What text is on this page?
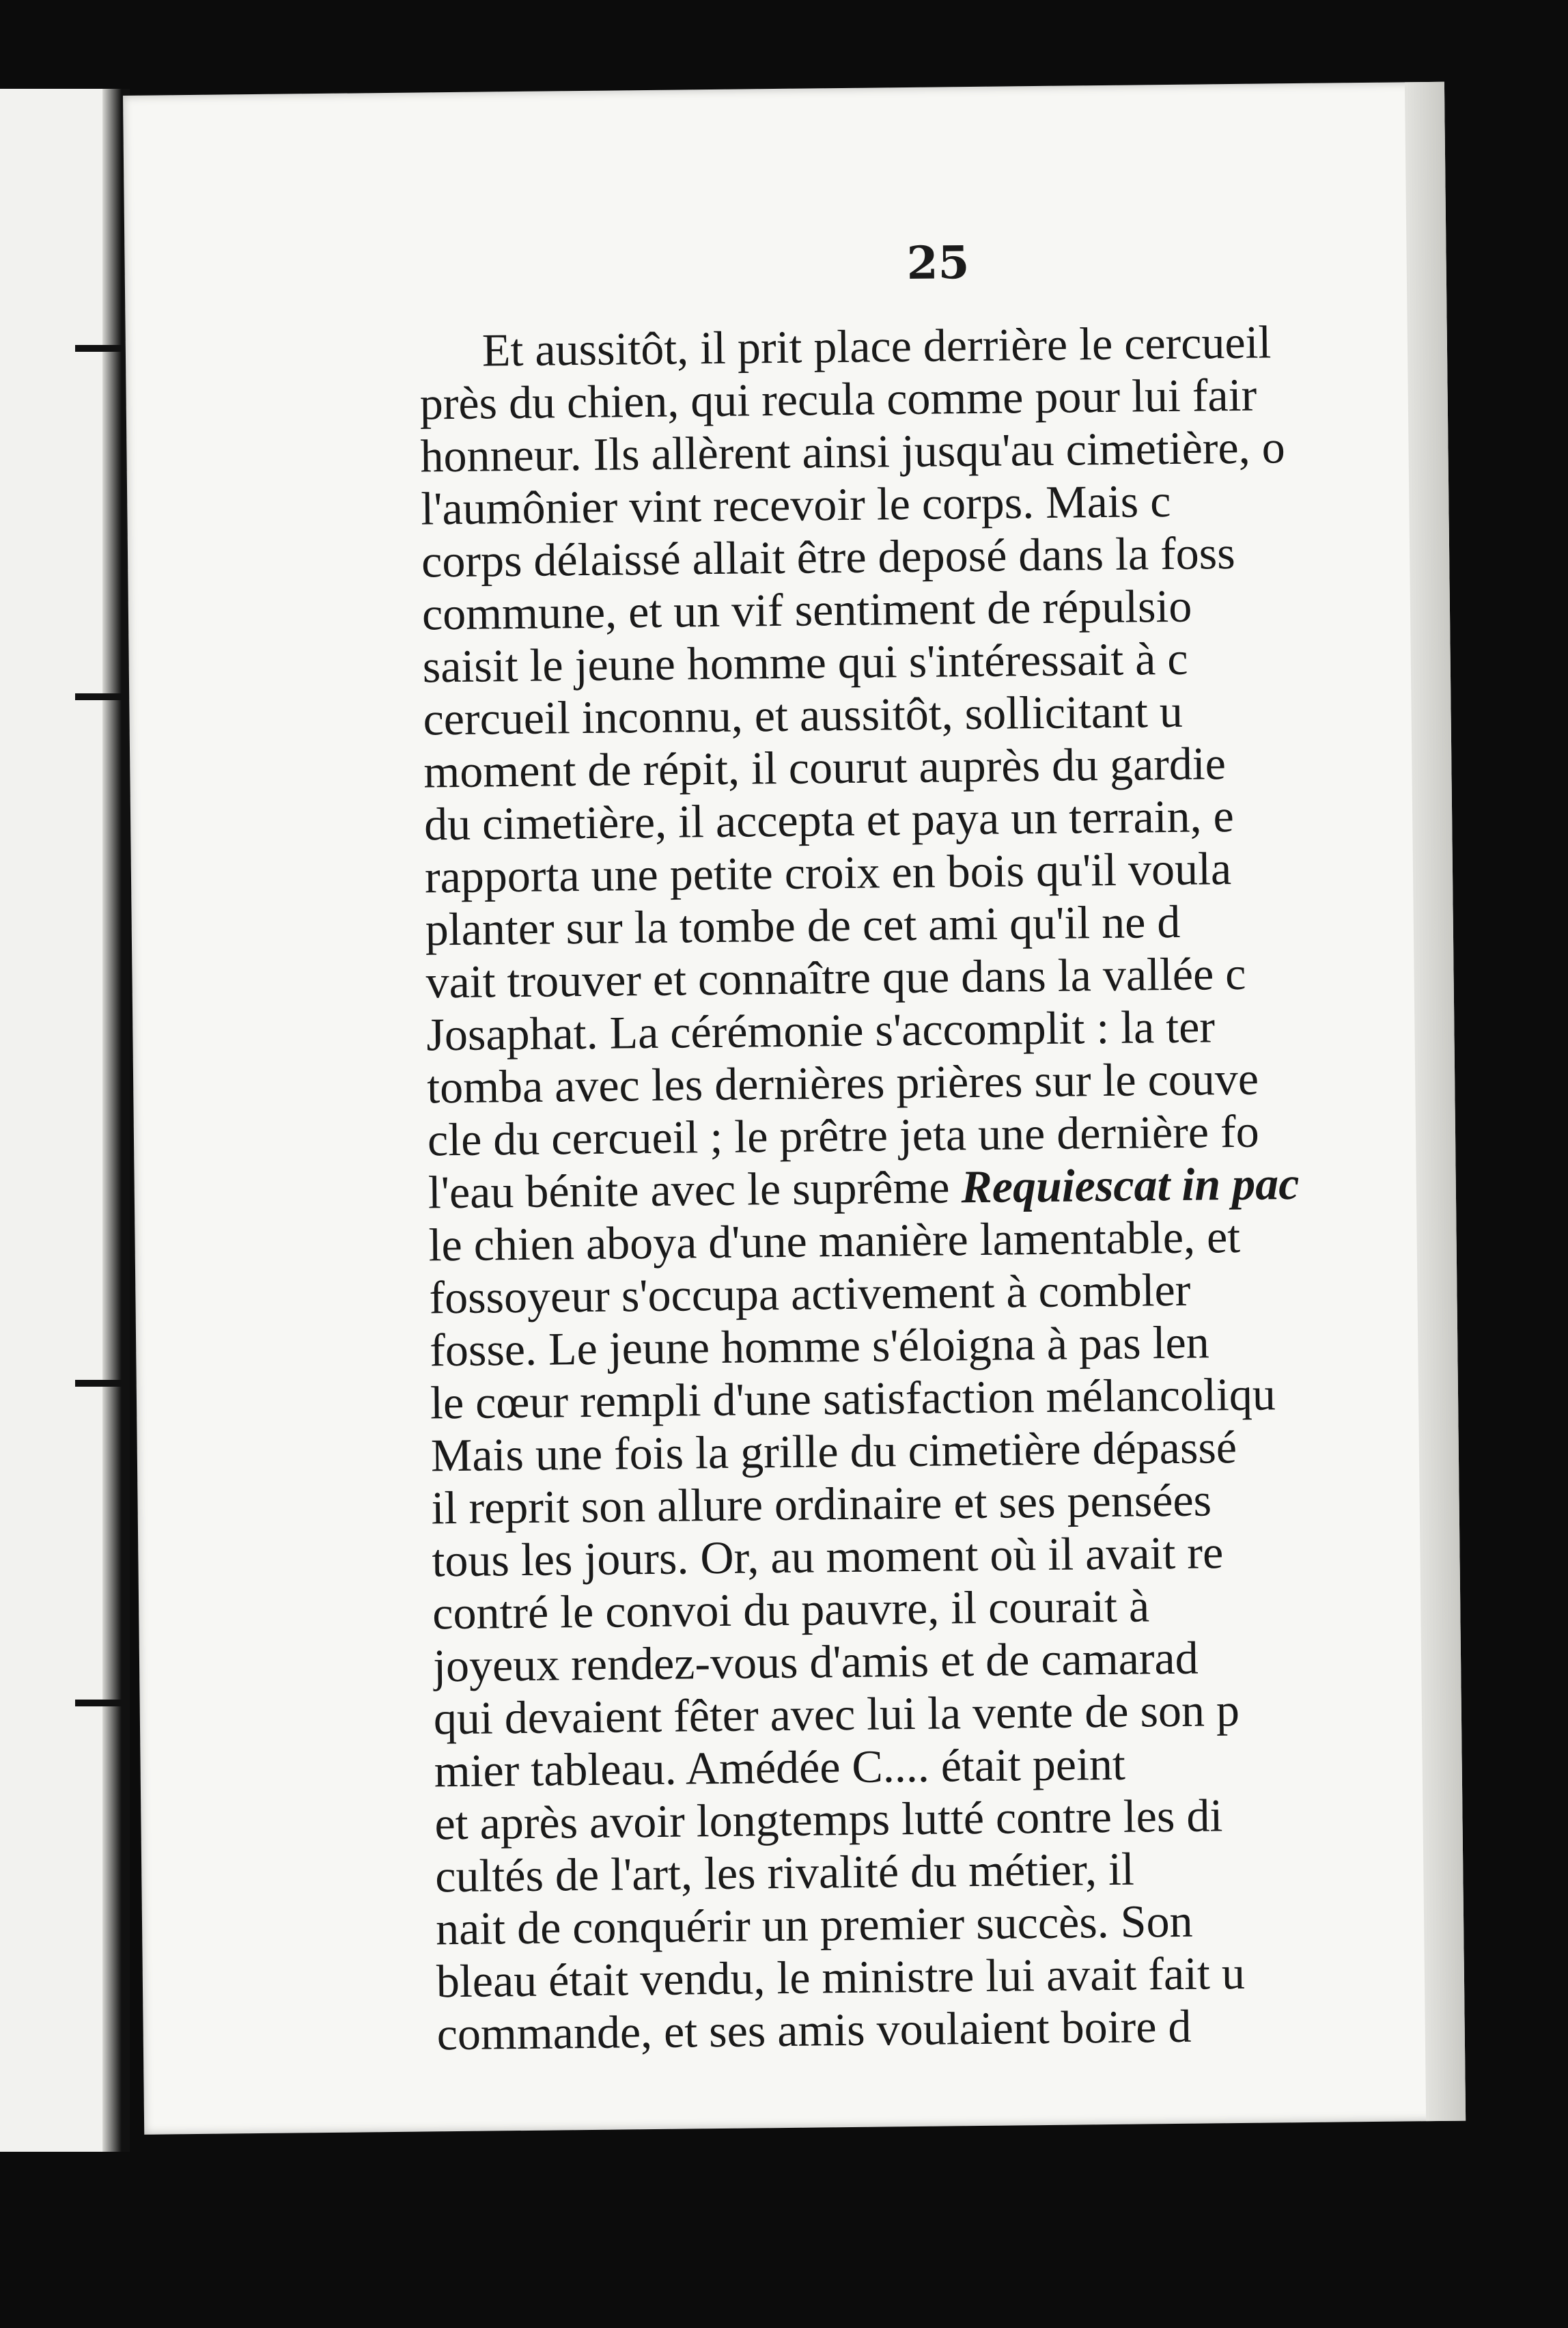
25
Et aussitôt, il prit place derrière le cercueil
près du chien, qui recula comme pour lui fair
honneur. Ils allèrent ainsi jusqu'au cimetière, o
l'aumônier vint recevoir le corps. Mais c
corps délaissé allait être deposé dans la foss
commune, et un vif sentiment de répulsio
saisit le jeune homme qui s'intéressait à c
cercueil inconnu, et aussitôt, sollicitant u
moment de répit, il courut auprès du gardie
du cimetière, il accepta et paya un terrain, e
rapporta une petite croix en bois qu'il voula
planter sur la tombe de cet ami qu'il ne d
vait trouver et connaître que dans la vallée c
Josaphat. La cérémonie s'accomplit : la ter
tomba avec les dernières prières sur le couve
cle du cercueil ; le prêtre jeta une dernière fo
l'eau bénite avec le suprême Requiescat in pac
le chien aboya d'une manière lamentable, et
fossoyeur s'occupa activement à combler
fosse. Le jeune homme s'éloigna à pas len
le cœur rempli d'une satisfaction mélancoliqu
Mais une fois la grille du cimetière dépassé
il reprit son allure ordinaire et ses pensées
tous les jours. Or, au moment où il avait re
contré le convoi du pauvre, il courait à
joyeux rendez-vous d'amis et de camarad
qui devaient fêter avec lui la vente de son p
mier tableau. Amédée C.... était peint
et après avoir longtemps lutté contre les di
cultés de l'art, les rivalité du métier, il
nait de conquérir un premier succès. Son
bleau était vendu, le ministre lui avait fait u
commande, et ses amis voulaient boire d
